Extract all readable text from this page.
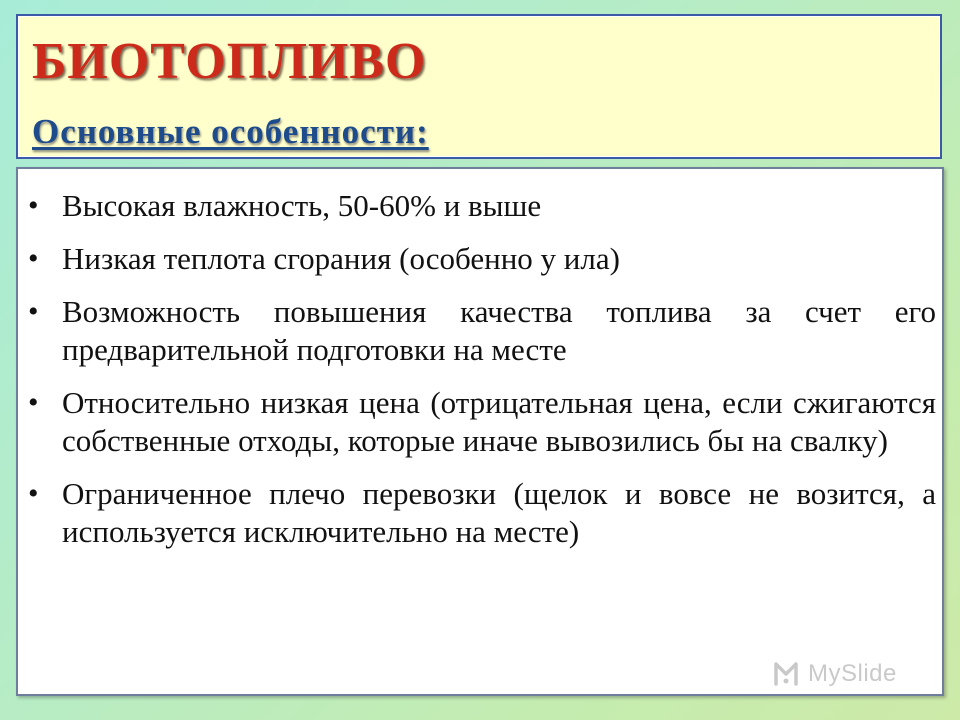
БИОТОПЛИВО
Основные особенности:
• Высокая влажность, 50-60% и выше
• Низкая теплота сгорания (особенно у ила)
• Возможность повышения качества топлива за счет его предварительной подготовки на месте
• Относительно низкая цена (отрицательная цена, если сжигаются собственные отходы, которые иначе вывозились бы на свалку)
• Ограниченное плечо перевозки (щелок и вовсе не возится, а используется исключительно на месте)
MySlide
